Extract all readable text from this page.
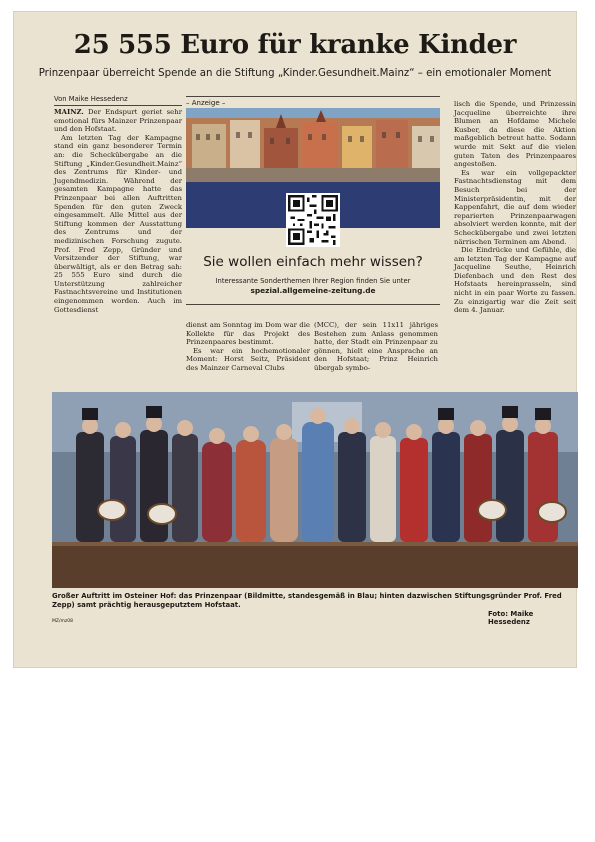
25 555 Euro für kranke Kinder
Prinzenpaar überreicht Spende an die Stiftung „Kinder.Gesundheit.Mainz“ – ein emotionaler Moment
Von Maike Hessedenz

MAINZ. Der Endspurt geriet sehr emotional fürs Mainzer Prinzenpaar und den Hofstaat.

Am letzten Tag der Kampagne stand ein ganz besonderer Termin an: die Scheckübergabe an die Stiftung „Kinder.Gesundheit.Mainz“ des Zentrums für Kinder- und Jugendmedizin. Während der gesamten Kampagne hatte das Prinzenpaar bei allen Auftritten Spenden für den guten Zweck eingesammelt. Alle Mittel aus der Stiftung kommen der Ausstattung des Zentrums und der medizinischen Forschung zugute. Prof. Fred Zepp, Gründer und Vorsitzender der Stiftung, war überwältigt, als er den Betrag sah: 25 555 Euro sind durch die Unterstützung zahlreicher Fastnachtsvereine und Institutionen eingenommen worden. Auch im Gottesdienst

– Anzeige –
Sie wollen einfach mehr wissen?
Interessante Sonderthemen Ihrer Region finden Sie unter
spezial.allgemeine-zeitung.de

dienst am Sonntag im Dom war die Kollekte für das Projekt des Prinzenpaares bestimmt.

Es war ein hochemotionaler Moment: Horst Seitz, Präsident des Mainzer Carneval Clubs

(MCC), der sein 11x11 jähriges Bestehen zum Anlass genommen hatte, der Stadt ein Prinzenpaar zu gönnen, hielt eine Ansprache an den Hofstaat; Prinz Heinrich übergab symbo-

lisch die Spende, und Prinzessin Jacqueline überreichte ihre Blumen an Hofdame Michele Kusber, da diese die Aktion maßgeblich betreut hatte. Sodann wurde mit Sekt auf die vielen guten Taten des Prinzenpaares angestoßen.

Es war ein vollgepackter Fastnachtsdienstag mit dem Besuch bei der Ministerpräsidentin, mit der Kappenfahrt, die auf dem wieder reparierten Prinzenpaarwagen absolviert werden konnte, mit der Scheckübergabe und zwei letzten närrischen Terminen am Abend.

Die Eindrücke und Gefühle, die am letzten Tag der Kampagne auf Jacqueline Seuthe, Heinrich Diefenbach und den Rest des Hofstaats hereinprasseln, sind nicht in ein paar Worte zu fassen. Zu einzigartig war die Zeit seit dem 4. Januar.

Großer Auftritt im Osteiner Hof: das Prinzenpaar (Bildmitte, standesgemäß in Blau; hinten dazwischen Stiftungsgründer Prof. Fred Zepp) samt prächtig herausgeputztem Hofstaat.
Foto: Maike Hessedenz
MZ/mz08
